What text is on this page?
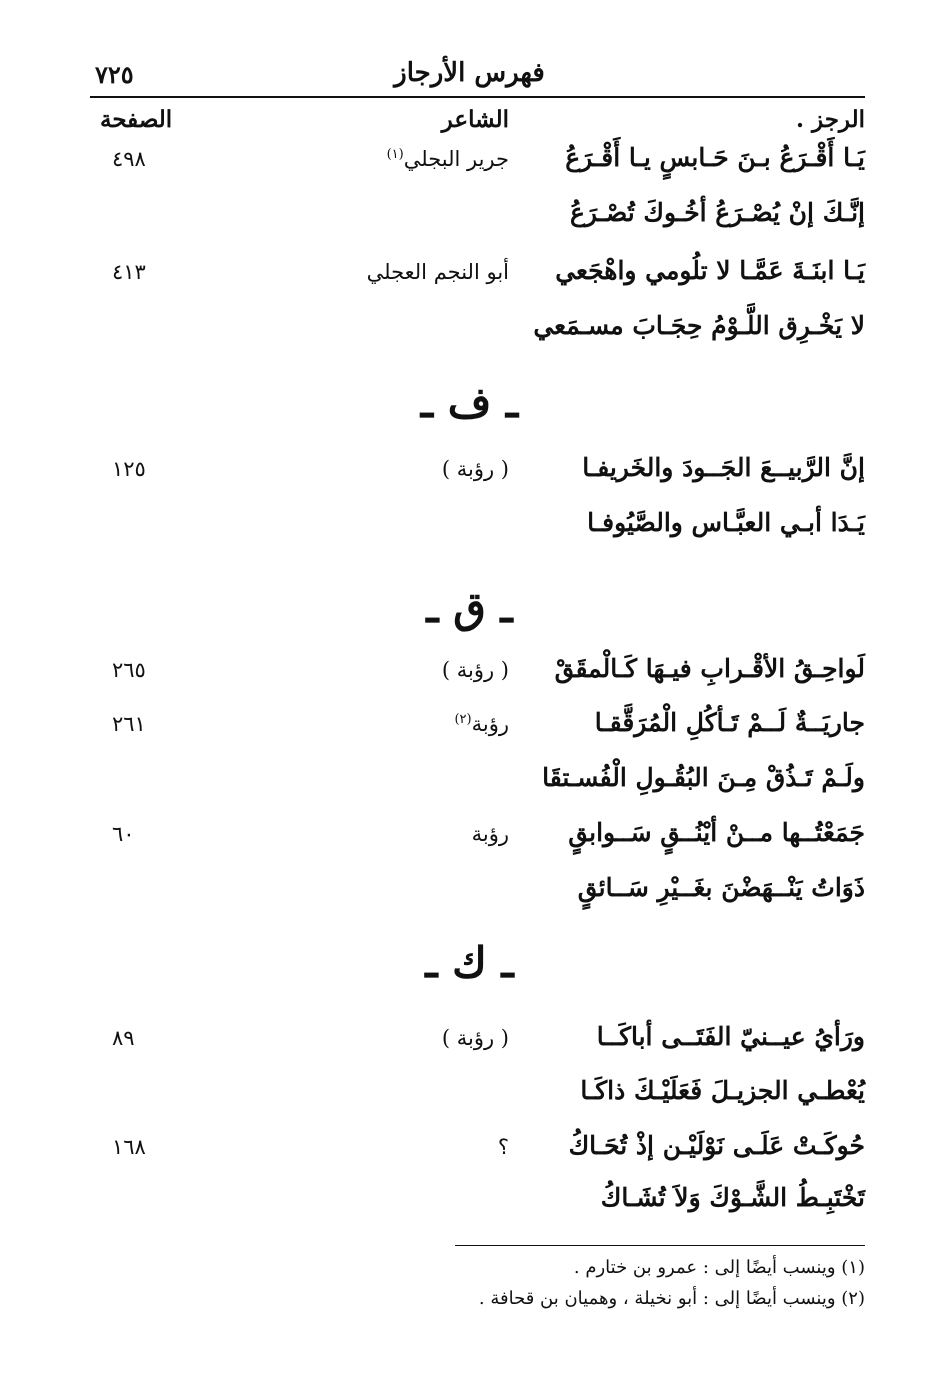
فهرس الأرجاز
٧٢٥
الرجز .
الشاعر
الصفحة
يَـا أَقْـرَعُ بـنَ حَـابسٍ يـا أَقْـرَعُ
جرير البجلي$^{(١)}$
٤٩٨
إنَّـكَ إنْ يُصْـرَعُ أخُـوكَ تُصْـرَعُ
يَـا ابنَـةَ عَمَّـا لا تلُومي واهْجَعي
أبو النجم العجلي
٤١٣
لا يَخْـرِق اللَّـوْمُ حِجَـابَ مسـمَعي
ـ ف ـ
إنَّ الرَّبيــعَ الجَــودَ والخَريفـا
( رؤبة )
١٢٥
يَـدَا أبـي العبَّـاس والصَّيُوفـا
ـ ق ـ
لَواحِـقُ الأقْـرابِ فيـهَا كَـالْمقَقْ
( رؤبة )
٢٦٥
جاريَــةٌ لَــمْ تَـأكُلِ الْمُرَقَّقـا
رؤبة$^{(٢)}$
٢٦١
ولَـمْ تَـذُقْ مِـنَ البُقُـولِ الْفُسـتقَا
جَمَعْتُــها مــنْ أيْنُــقٍ سَــوابقٍ
رؤبة
٦٠
ذَوَاتُ يَنْــهَضْنَ بغَــيْرِ سَــائقٍ
ـ ك ـ
ورَأيُ عيــنيّ الفَتَــى أباكَــا
( رؤبة )
٨٩
يُعْطـي الجزيـلَ فَعَلَيْـكَ ذاكَـا
حُوكَـتْ عَلَـى نَوْلَيْـن إذْ تُحَـاكُ
؟
١٦٨
تَخْتَبِـطُ الشَّـوْكَ وَلاَ تُشَـاكُ
(١) وينسب أيضًا إلى : عمرو بن ختارم .
(٢) وينسب أيضًا إلى : أبو نخيلة ، وهميان بن قحافة .
